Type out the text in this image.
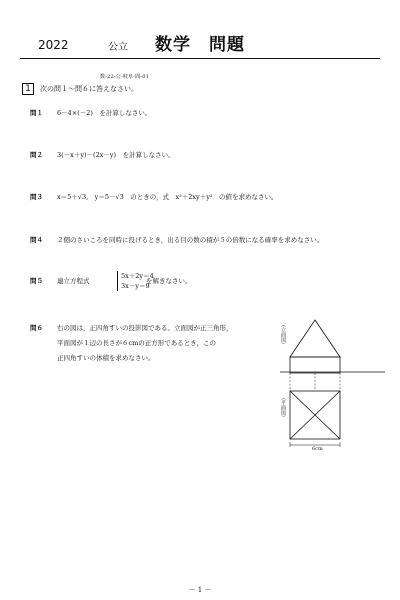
2022	公立 数学　問題
数-22-公-岐阜-問-01
1	次の問１～問６に答えなさい。
問１ 6－4×(－2)　を計算しなさい。
問２ 3(－x＋y)－(2x－y)　を計算しなさい。
問３ x＝5＋√3,　y＝5－√3　のときの，式　x²＋2xy＋y²　の値を求めなさい。
問４ ２個のさいころを同時に投げるとき，出る目の数の積が５の倍数になる確率を求めなさい。
問５ 連立方程式
5x＋2y＝4
3x－y＝9
を解きなさい。
問６	右の図は，正四角すいの投影図である。立面図が正三角形，
平面図が１辺の長さが６cmの正方形であるとき，この
正四角すいの体積を求めなさい。
（立面図）
（平面図）
6cm
－ 1 －
